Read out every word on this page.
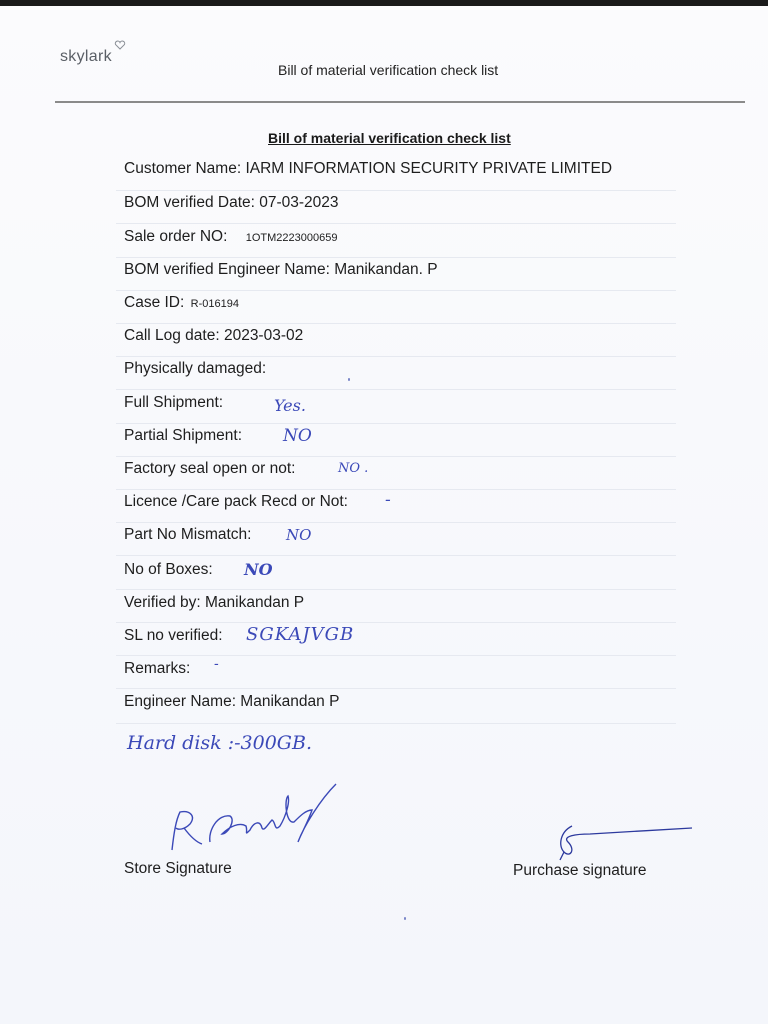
skylark
Bill of material verification check list
Bill of material verification check list
Customer Name: IARM INFORMATION SECURITY PRIVATE LIMITED
BOM verified Date: 07-03-2023
Sale order NO: 1OTM2223000659
BOM verified Engineer Name: Manikandan. P
Case ID: R-016194
Call Log date: 2023-03-02
Physically damaged:
Full Shipment:	Yes.
Partial Shipment: NO
Factory seal open or not:	NO .
Licence /Care pack Recd or Not: -
Part No Mismatch: NO
No of Boxes: NO
Verified by: Manikandan P
SL no verified: SGKAJVGB
Remarks: -
Engineer Name: Manikandan P
Hard disk :-300GB.
Store Signature	Purchase signature
